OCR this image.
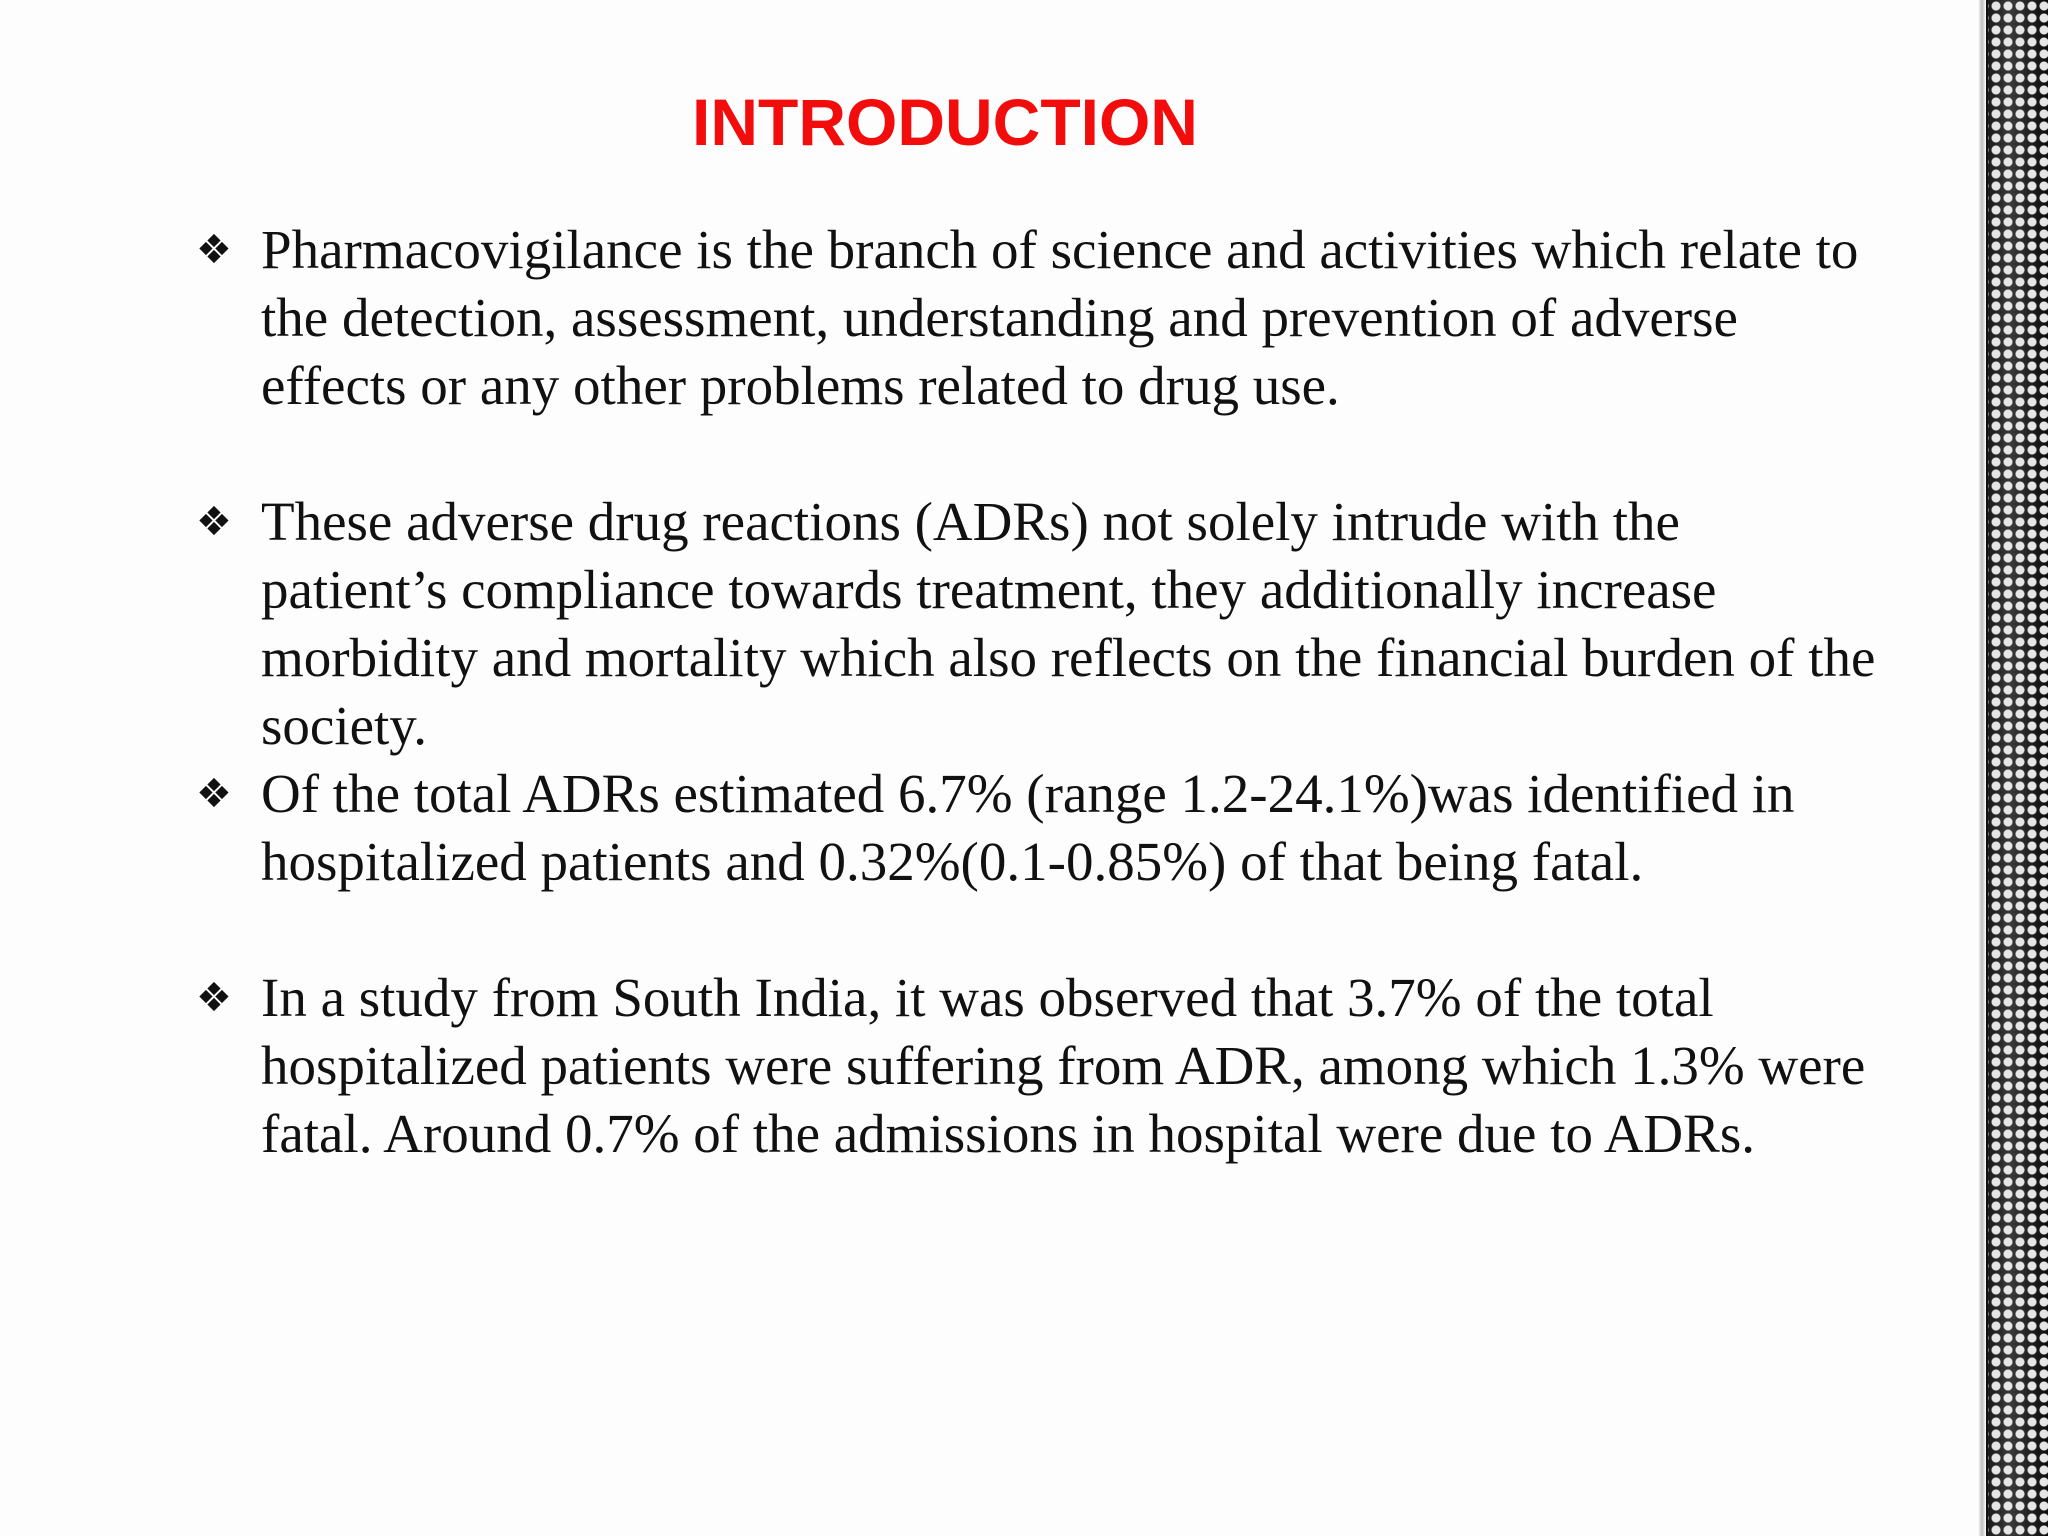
INTRODUCTION
❖ Pharmacovigilance is the branch of science and activities which relate to the detection, assessment, understanding and prevention of adverse effects or any other problems related to drug use.
❖ These adverse drug reactions (ADRs) not solely intrude with the patient’s compliance towards treatment, they additionally increase morbidity and mortality which also reflects on the financial burden of the society.
❖ Of the total ADRs estimated 6.7% (range 1.2-24.1%)was identified in hospitalized patients and 0.32%(0.1-0.85%) of that being fatal.
❖ In a study from South India, it was observed that 3.7% of the total hospitalized patients were suffering from ADR, among which 1.3% were fatal. Around 0.7% of the admissions in hospital were due to ADRs.
